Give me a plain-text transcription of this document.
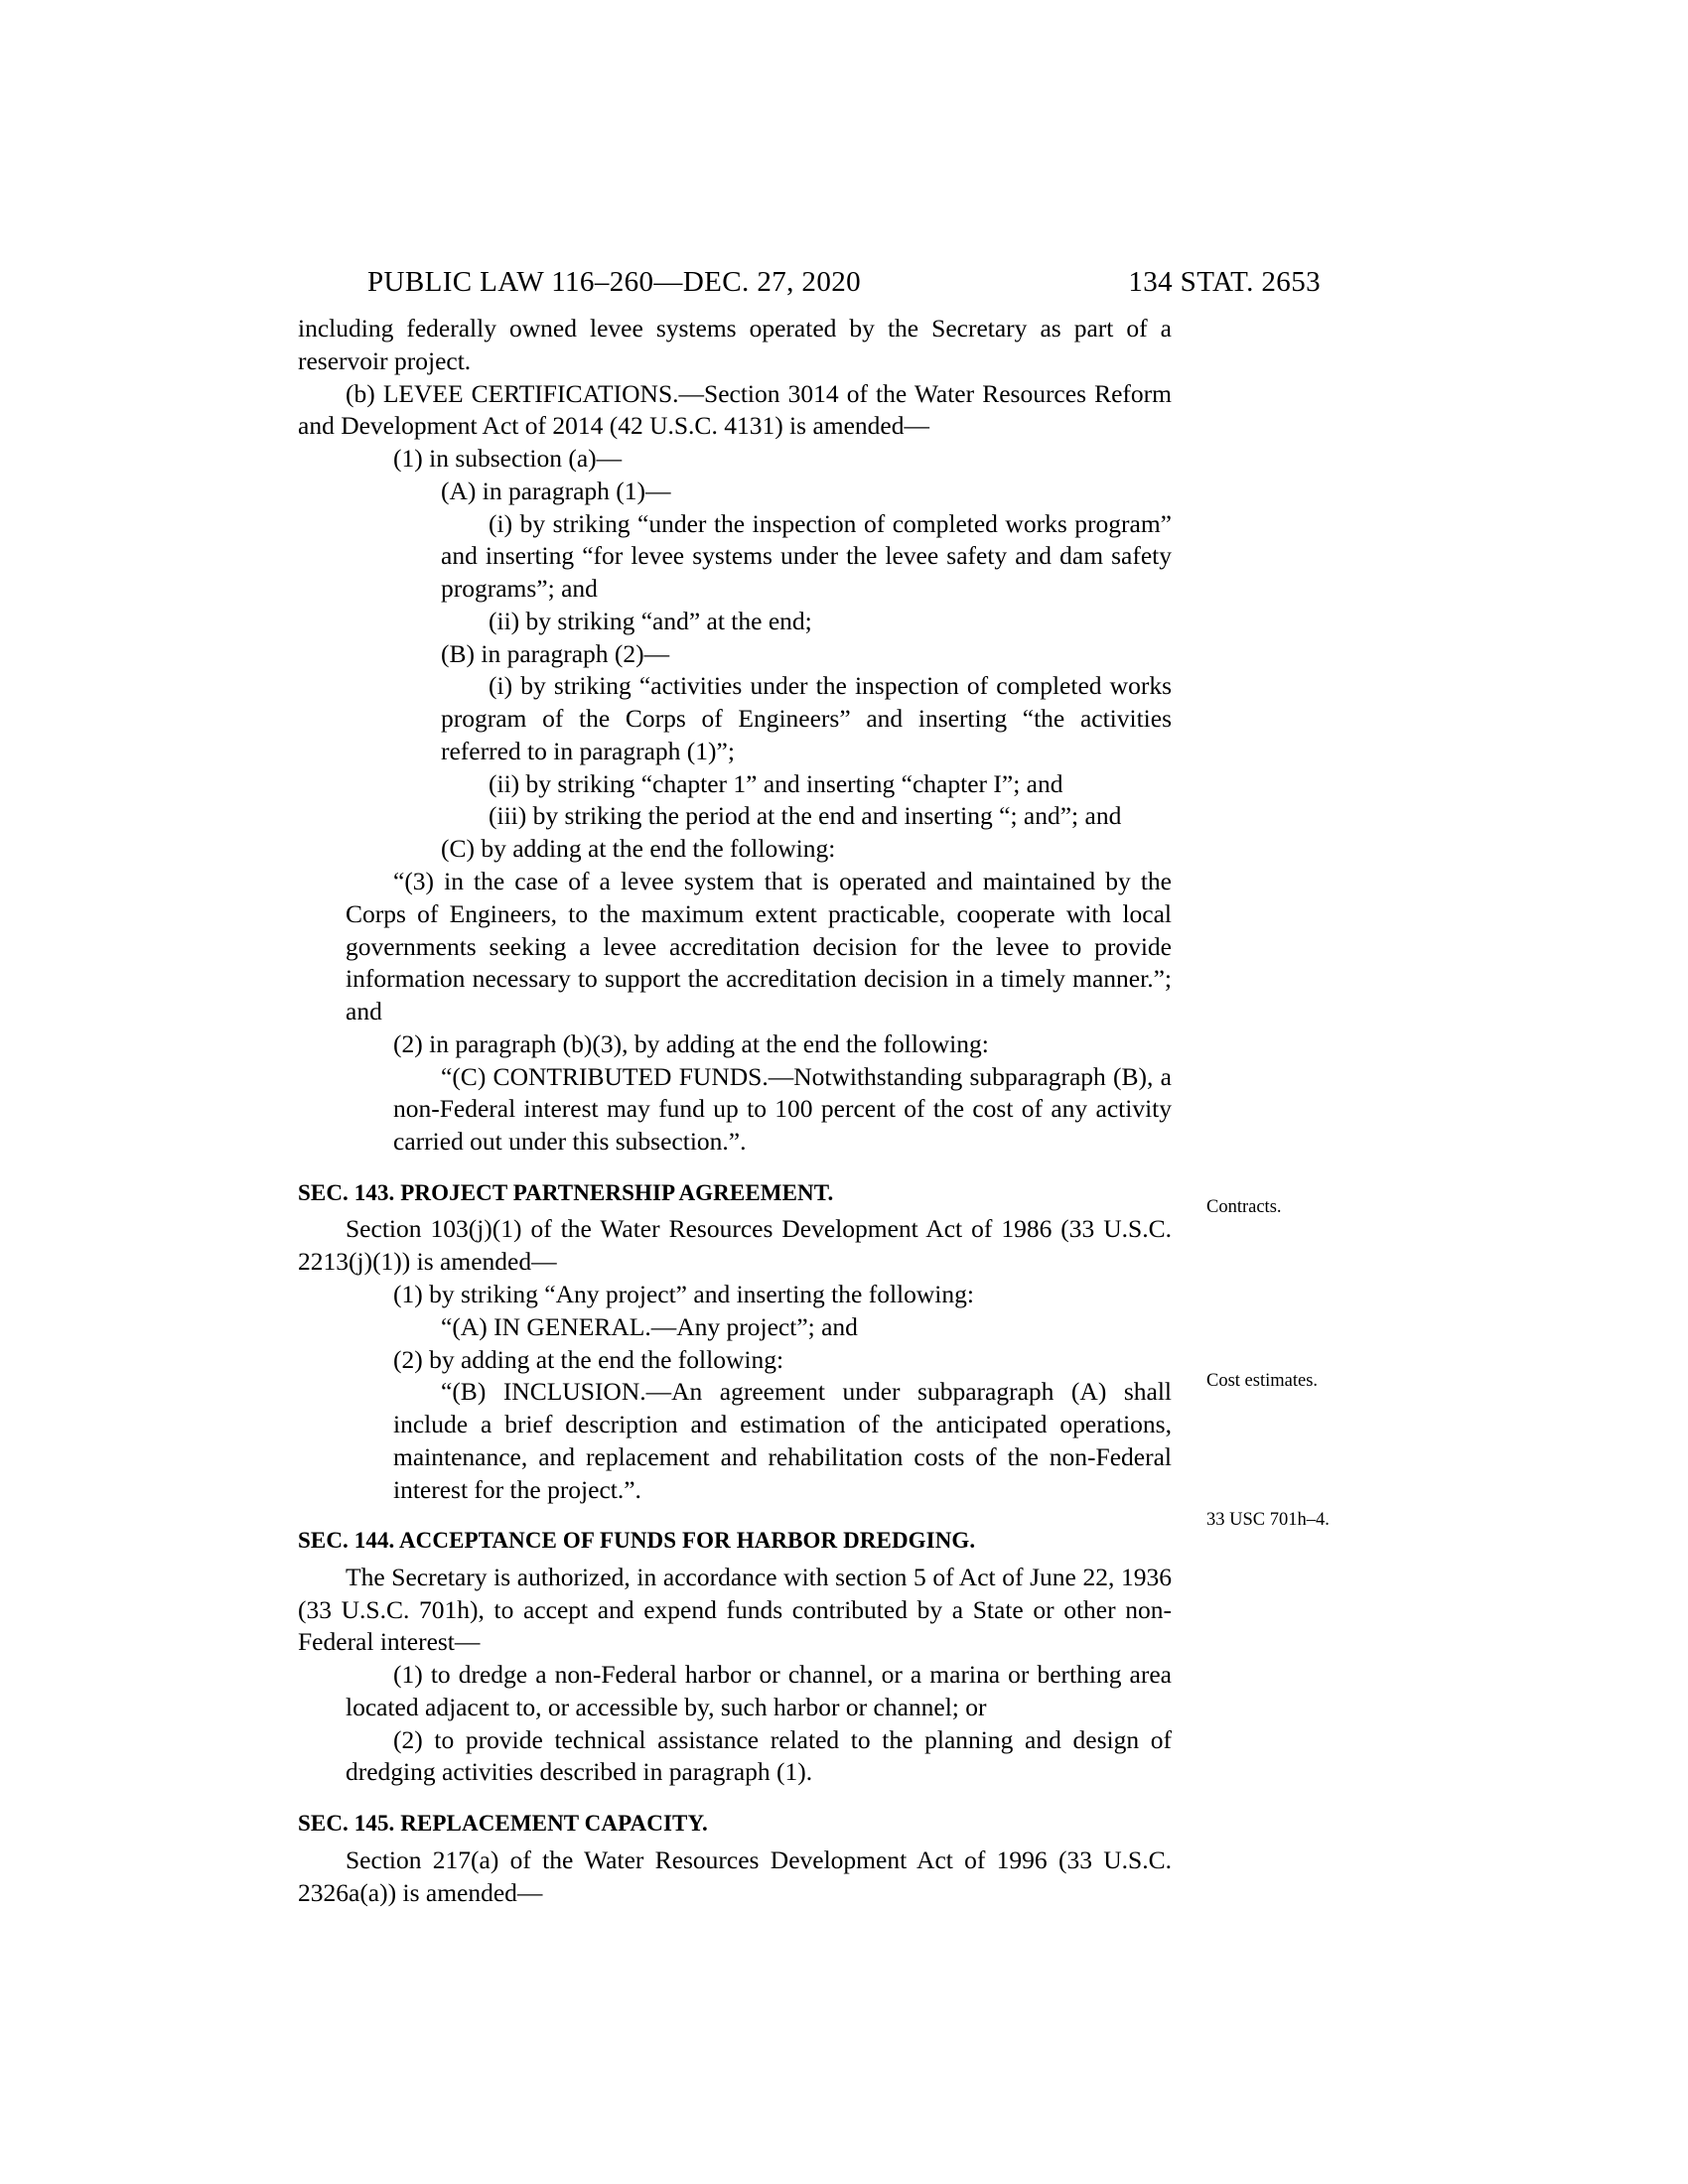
PUBLIC LAW 116–260—DEC. 27, 2020	134 STAT. 2653

including federally owned levee systems operated by the Secretary as part of a reservoir project.

(b) LEVEE CERTIFICATIONS.—Section 3014 of the Water Resources Reform and Development Act of 2014 (42 U.S.C. 4131) is amended—

(1) in subsection (a)—

(A) in paragraph (1)—

(i) by striking “under the inspection of completed works program” and inserting “for levee systems under the levee safety and dam safety programs”; and

(ii) by striking “and” at the end;

(B) in paragraph (2)—

(i) by striking “activities under the inspection of completed works program of the Corps of Engineers” and inserting “the activities referred to in paragraph (1)”;

(ii) by striking “chapter 1” and inserting “chapter I”; and

(iii) by striking the period at the end and inserting “; and”; and

(C) by adding at the end the following:

“(3) in the case of a levee system that is operated and maintained by the Corps of Engineers, to the maximum extent practicable, cooperate with local governments seeking a levee accreditation decision for the levee to provide information necessary to support the accreditation decision in a timely manner.”; and

(2) in paragraph (b)(3), by adding at the end the following:

“(C) CONTRIBUTED FUNDS.—Notwithstanding subparagraph (B), a non-Federal interest may fund up to 100 percent of the cost of any activity carried out under this subsection.”.

SEC. 143. PROJECT PARTNERSHIP AGREEMENT.

Section 103(j)(1) of the Water Resources Development Act of 1986 (33 U.S.C. 2213(j)(1)) is amended—

(1) by striking “Any project” and inserting the following:

“(A) IN GENERAL.—Any project”; and

(2) by adding at the end the following:

“(B) INCLUSION.—An agreement under subparagraph (A) shall include a brief description and estimation of the anticipated operations, maintenance, and replacement and rehabilitation costs of the non-Federal interest for the project.”.

SEC. 144. ACCEPTANCE OF FUNDS FOR HARBOR DREDGING.

The Secretary is authorized, in accordance with section 5 of Act of June 22, 1936 (33 U.S.C. 701h), to accept and expend funds contributed by a State or other non-Federal interest—

(1) to dredge a non-Federal harbor or channel, or a marina or berthing area located adjacent to, or accessible by, such harbor or channel; or

(2) to provide technical assistance related to the planning and design of dredging activities described in paragraph (1).

SEC. 145. REPLACEMENT CAPACITY.

Section 217(a) of the Water Resources Development Act of 1996 (33 U.S.C. 2326a(a)) is amended—

Contracts.
Cost estimates.
33 USC 701h–4.
